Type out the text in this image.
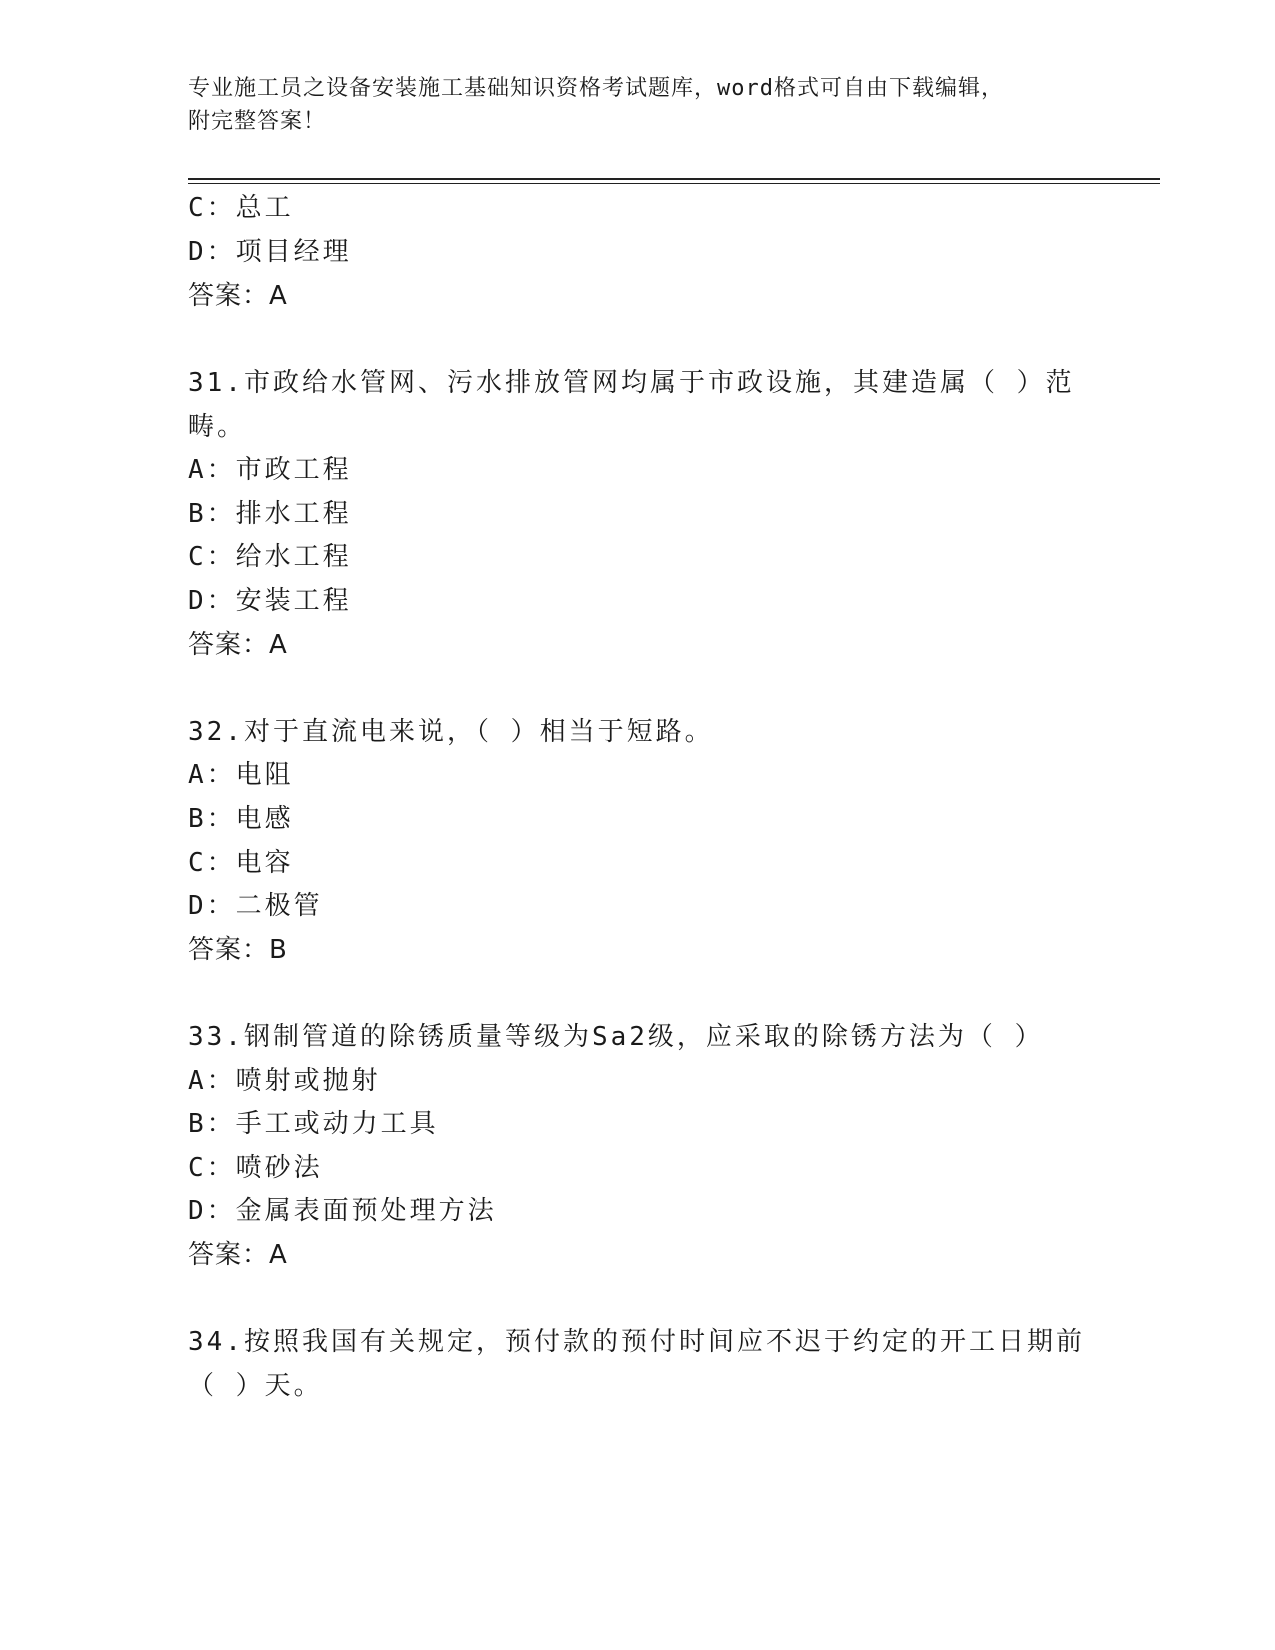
专业施工员之设备安装施工基础知识资格考试题库，word格式可自由下载编辑，
附完整答案！
C：总工
D：项目经理
答案：A
31.市政给水管网、污水排放管网均属于市政设施，其建造属（ ）范
畴。
A：市政工程
B：排水工程
C：给水工程
D：安装工程
答案：A
32.对于直流电来说，（ ）相当于短路。
A：电阻
B：电感
C：电容
D：二极管
答案：B
33.钢制管道的除锈质量等级为Sa2级，应采取的除锈方法为（ ）
A：喷射或抛射
B：手工或动力工具
C：喷砂法
D：金属表面预处理方法
答案：A
34.按照我国有关规定，预付款的预付时间应不迟于约定的开工日期前
（ ）天。
